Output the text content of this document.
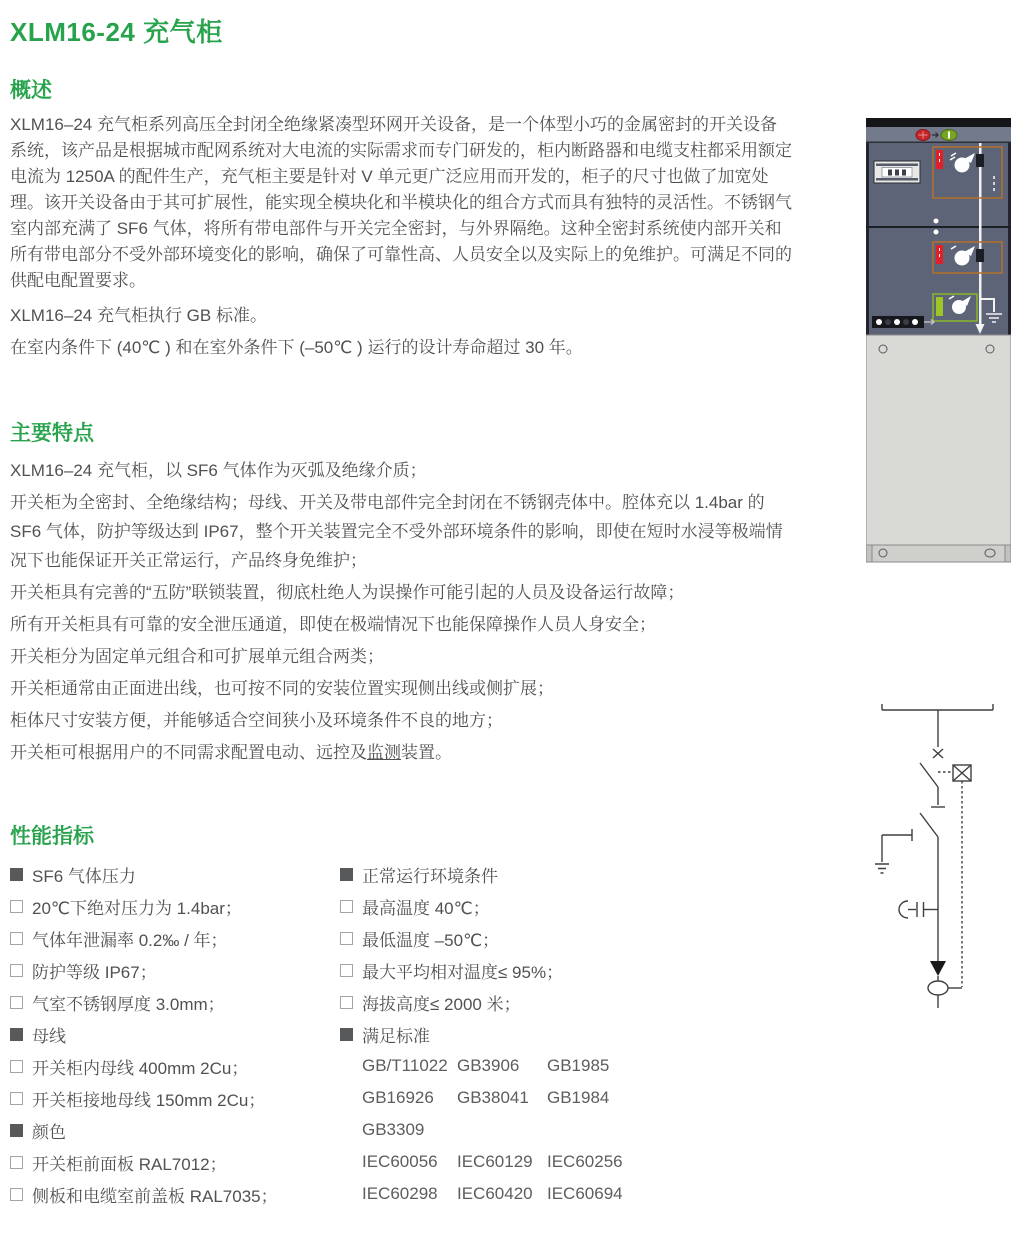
XLM16-24 充气柜
概述

XLM16–24 充气柜系列高压全封闭全绝缘紧凑型环网开关设备，是一个体型小巧的金属密封的开关设备系统，该产品是根据城市配网系统对大电流的实际需求而专门研发的，柜内断路器和电缆支柱都采用额定电流为 1250A 的配件生产，充气柜主要是针对 V 单元更广泛应用而开发的，柜子的尺寸也做了加宽处理。该开关设备由于其可扩展性，能实现全模块化和半模块化的组合方式而具有独特的灵活性。不锈钢气室内部充满了 SF6 气体，将所有带电部件与开关完全密封，与外界隔绝。这种全密封系统使内部开关和所有带电部分不受外部环境变化的影响，确保了可靠性高、人员安全以及实际上的免维护。可满足不同的供配电配置要求。

XLM16–24 充气柜执行 GB 标准。

在室内条件下 (40℃ ) 和在室外条件下 (–50℃ ) 运行的设计寿命超过 30 年。

主要特点

XLM16–24 充气柜，以 SF6 气体作为灭弧及绝缘介质；

开关柜为全密封、全绝缘结构；母线、开关及带电部件完全封闭在不锈钢壳体中。腔体充以 1.4bar 的 SF6 气体，防护等级达到 IP67，整个开关装置完全不受外部环境条件的影响，即使在短时水浸等极端情况下也能保证开关正常运行，产品终身免维护；

开关柜具有完善的“五防”联锁装置，彻底杜绝人为误操作可能引起的人员及设备运行故障；

所有开关柜具有可靠的安全泄压通道，即使在极端情况下也能保障操作人员人身安全；

开关柜分为固定单元组合和可扩展单元组合两类；

开关柜通常由正面进出线，也可按不同的安装位置实现侧出线或侧扩展；

柜体尺寸安装方便，并能够适合空间狭小及环境条件不良的地方；

开关柜可根据用户的不同需求配置电动、远控及监测装置。

性能指标
SF6 气体压力
20℃下绝对压力为 1.4bar；
气体年泄漏率 0.2‰ / 年；
防护等级 IP67；
气室不锈钢厚度 3.0mm；
母线
开关柜内母线 400mm 2Cu；
开关柜接地母线 150mm 2Cu；
颜色
开关柜前面板 RAL7012；
侧板和电缆室前盖板 RAL7035；
正常运行环境条件
最高温度 40℃；
最低温度 –50℃；
最大平均相对温度≤ 95%；
海拔高度≤ 2000 米；
满足标准
GB/T11022 GB3906	GB1985
GB16926	GB38041	GB1984
GB3309
IEC60056	IEC60129 IEC60256
IEC60298	IEC60420 IEC60694
